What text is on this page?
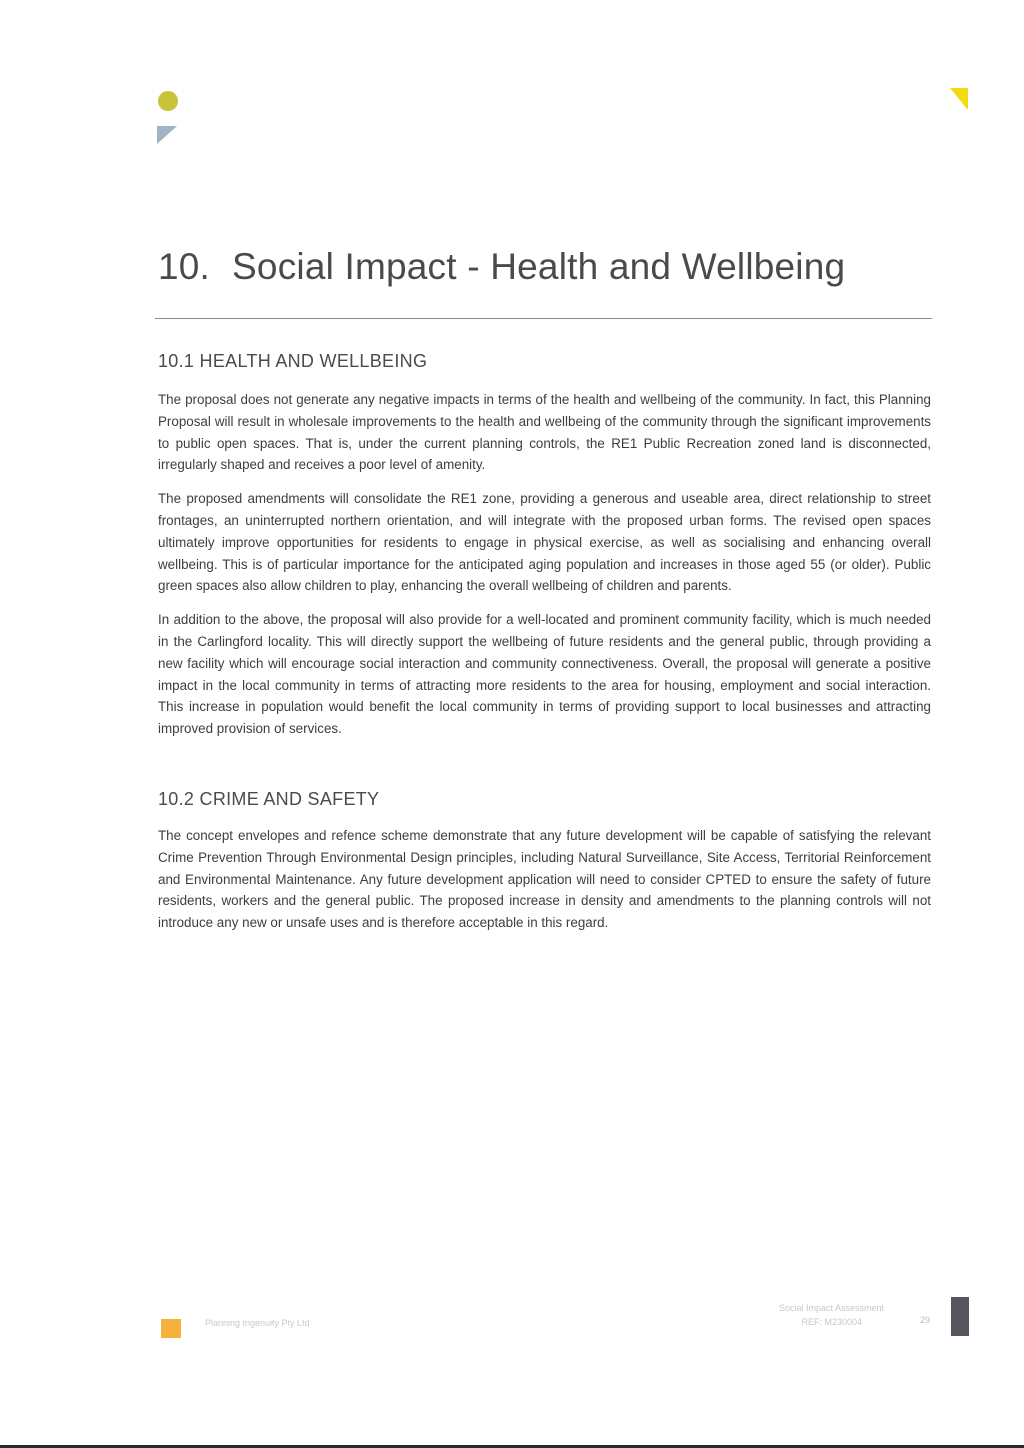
10. Social Impact - Health and Wellbeing
10.1 HEALTH AND WELLBEING

The proposal does not generate any negative impacts in terms of the health and wellbeing of the community. In fact, this Planning Proposal will result in wholesale improvements to the health and wellbeing of the community through the significant improvements to public open spaces. That is, under the current planning controls, the RE1 Public Recreation zoned land is disconnected, irregularly shaped and receives a poor level of amenity.

The proposed amendments will consolidate the RE1 zone, providing a generous and useable area, direct relationship to street frontages, an uninterrupted northern orientation, and will integrate with the proposed urban forms. The revised open spaces ultimately improve opportunities for residents to engage in physical exercise, as well as socialising and enhancing overall wellbeing. This is of particular importance for the anticipated aging population and increases in those aged 55 (or older). Public green spaces also allow children to play, enhancing the overall wellbeing of children and parents.

In addition to the above, the proposal will also provide for a well-located and prominent community facility, which is much needed in the Carlingford locality. This will directly support the wellbeing of future residents and the general public, through providing a new facility which will encourage social interaction and community connectiveness. Overall, the proposal will generate a positive impact in the local community in terms of attracting more residents to the area for housing, employment and social interaction. This increase in population would benefit the local community in terms of providing support to local businesses and attracting improved provision of services.

10.2 CRIME AND SAFETY

The concept envelopes and refence scheme demonstrate that any future development will be capable of satisfying the relevant Crime Prevention Through Environmental Design principles, including Natural Surveillance, Site Access, Territorial Reinforcement and Environmental Maintenance. Any future development application will need to consider CPTED to ensure the safety of future residents, workers and the general public. The proposed increase in density and amendments to the planning controls will not introduce any new or unsafe uses and is therefore acceptable in this regard.

Planning Ingenuity Pty Ltd
Social Impact Assessment
REF: M230004	29
